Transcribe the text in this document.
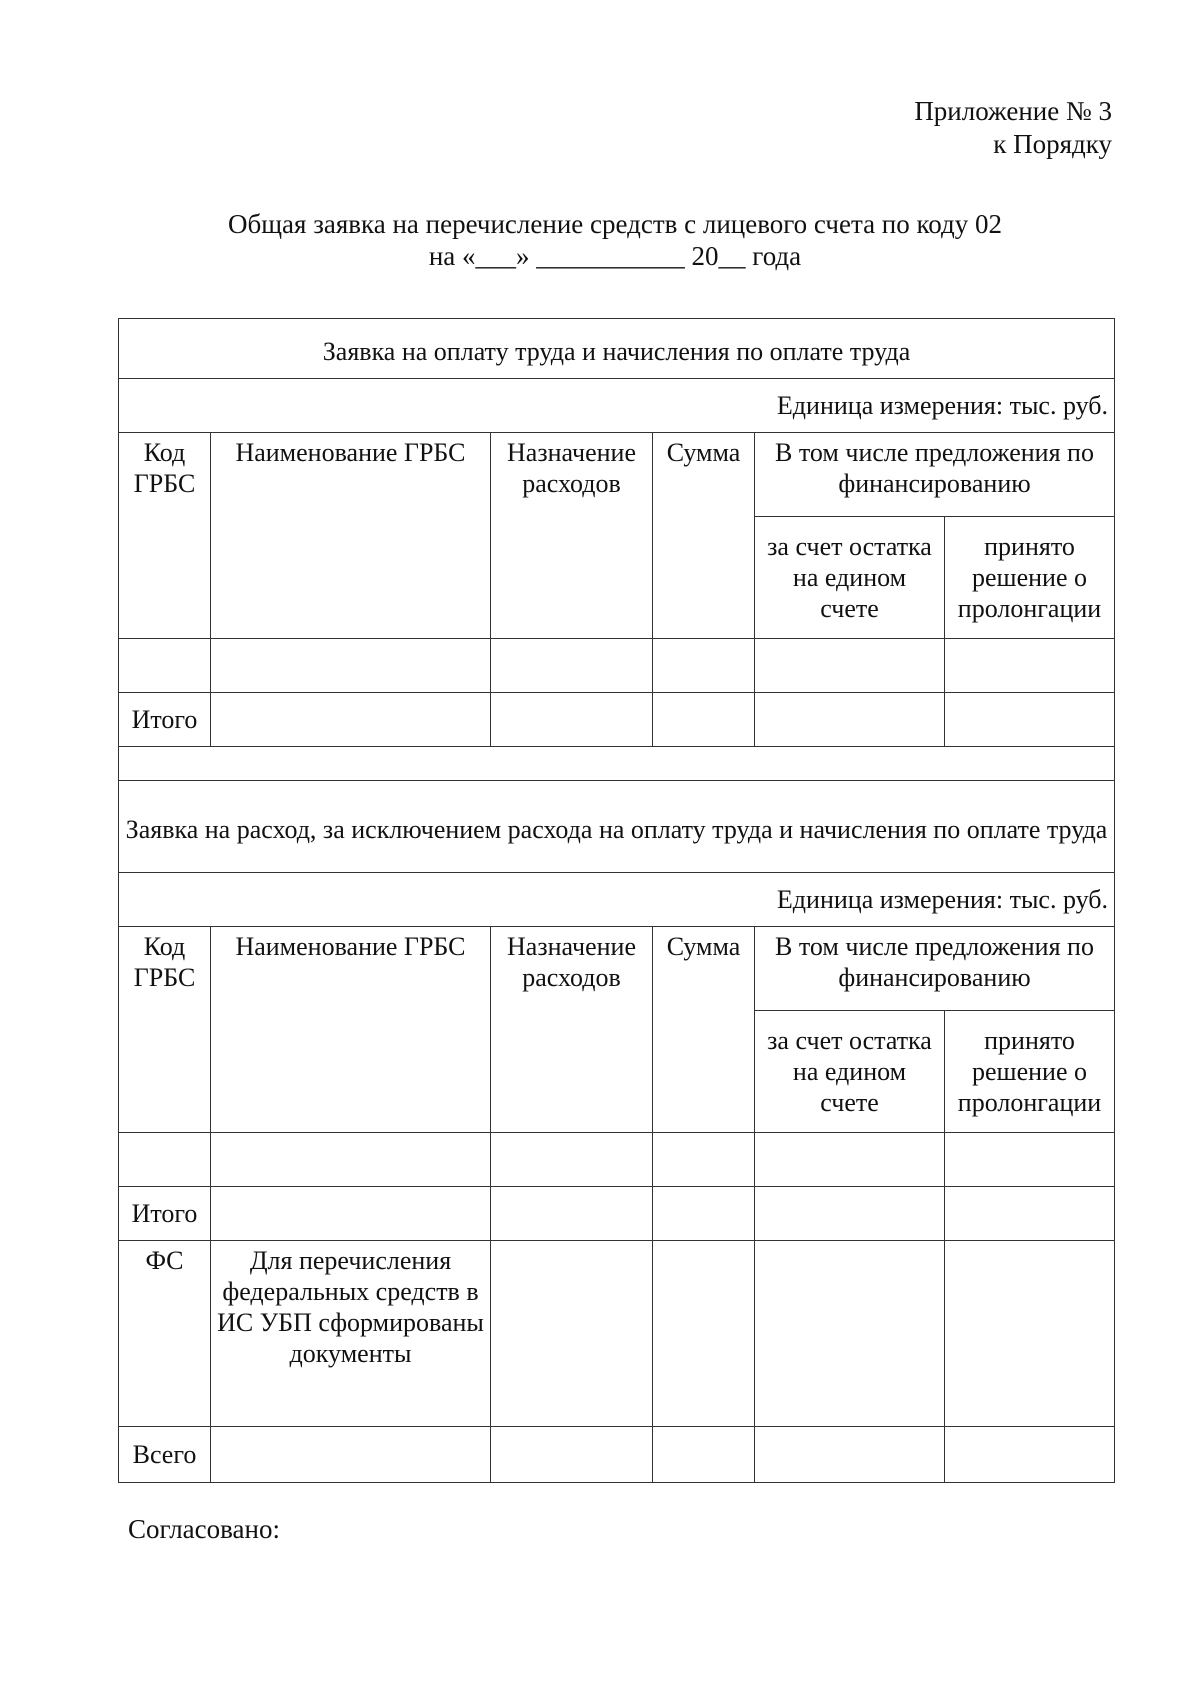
Приложение № 3
к Порядку
Общая заявка на перечисление средств с лицевого счета по коду 02
на «___» ___________ 20__ года
Заявка на оплату труда и начисления по оплате труда					
Единица измерения: тыс. руб.					
Код ГРБС	Наименование ГРБС	Назначение расходов	Сумма	В том числе предложения по финансированию	
				за счет остатка на едином счете	принято решение о пролонгации

Итого					

Заявка на расход, за исключением расхода на оплату труда и начисления по оплате труда					
Единица измерения: тыс. руб.					
Код ГРБС	Наименование ГРБС	Назначение расходов	Сумма	В том числе предложения по финансированию	
				за счет остатка на едином счете	принято решение о пролонгации

Итого					
ФС	Для перечисления федеральных средств в ИС УБП сформированы документы				
Всего					
Согласовано:
